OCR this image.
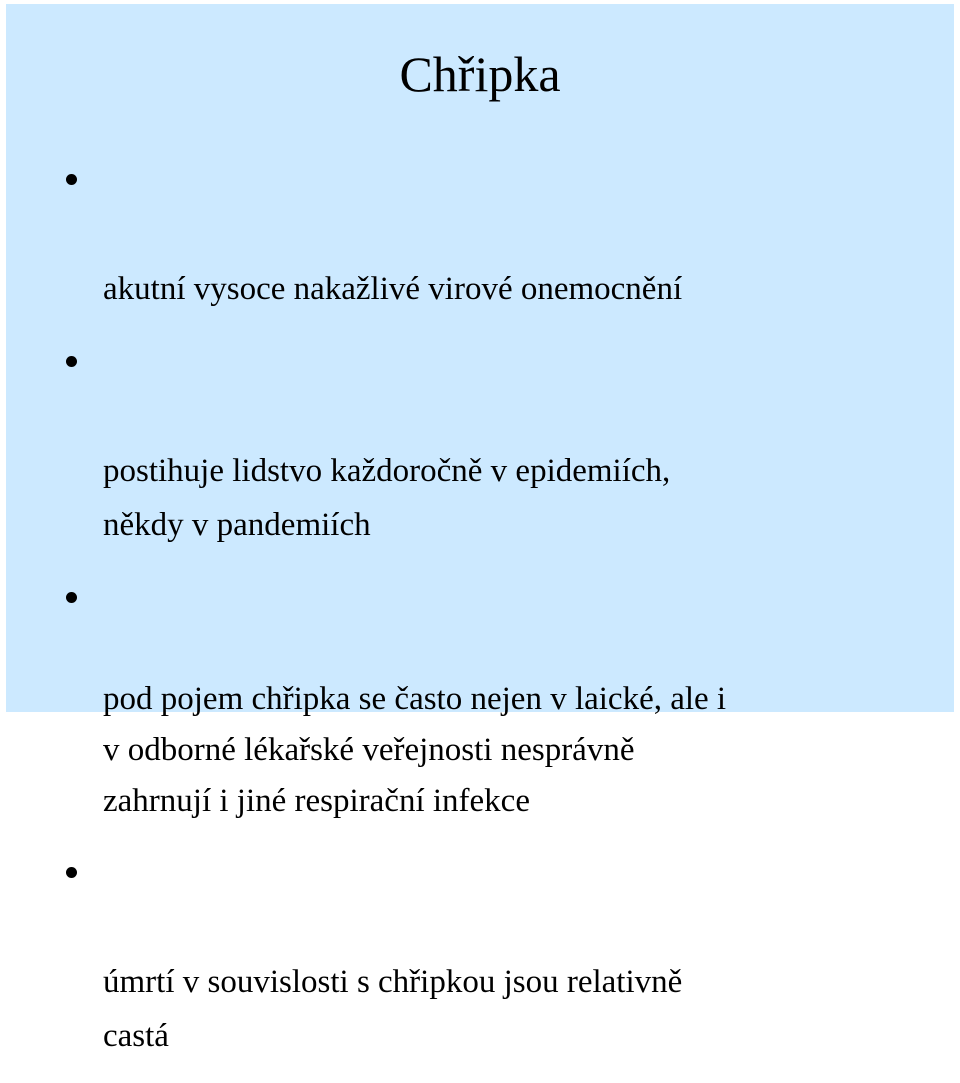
Chřipka

akutní vysoce nakažlivé virové onemocnění

postihuje lidstvo každoročně v epidemiích,
někdy v pandemiích

pod pojem chřipka se často nejen v laické, ale i
v odborné lékařské veřejnosti nesprávně
zahrnují i jiné respirační infekce

úmrtí v souvislosti s chřipkou jsou relativně
castá
